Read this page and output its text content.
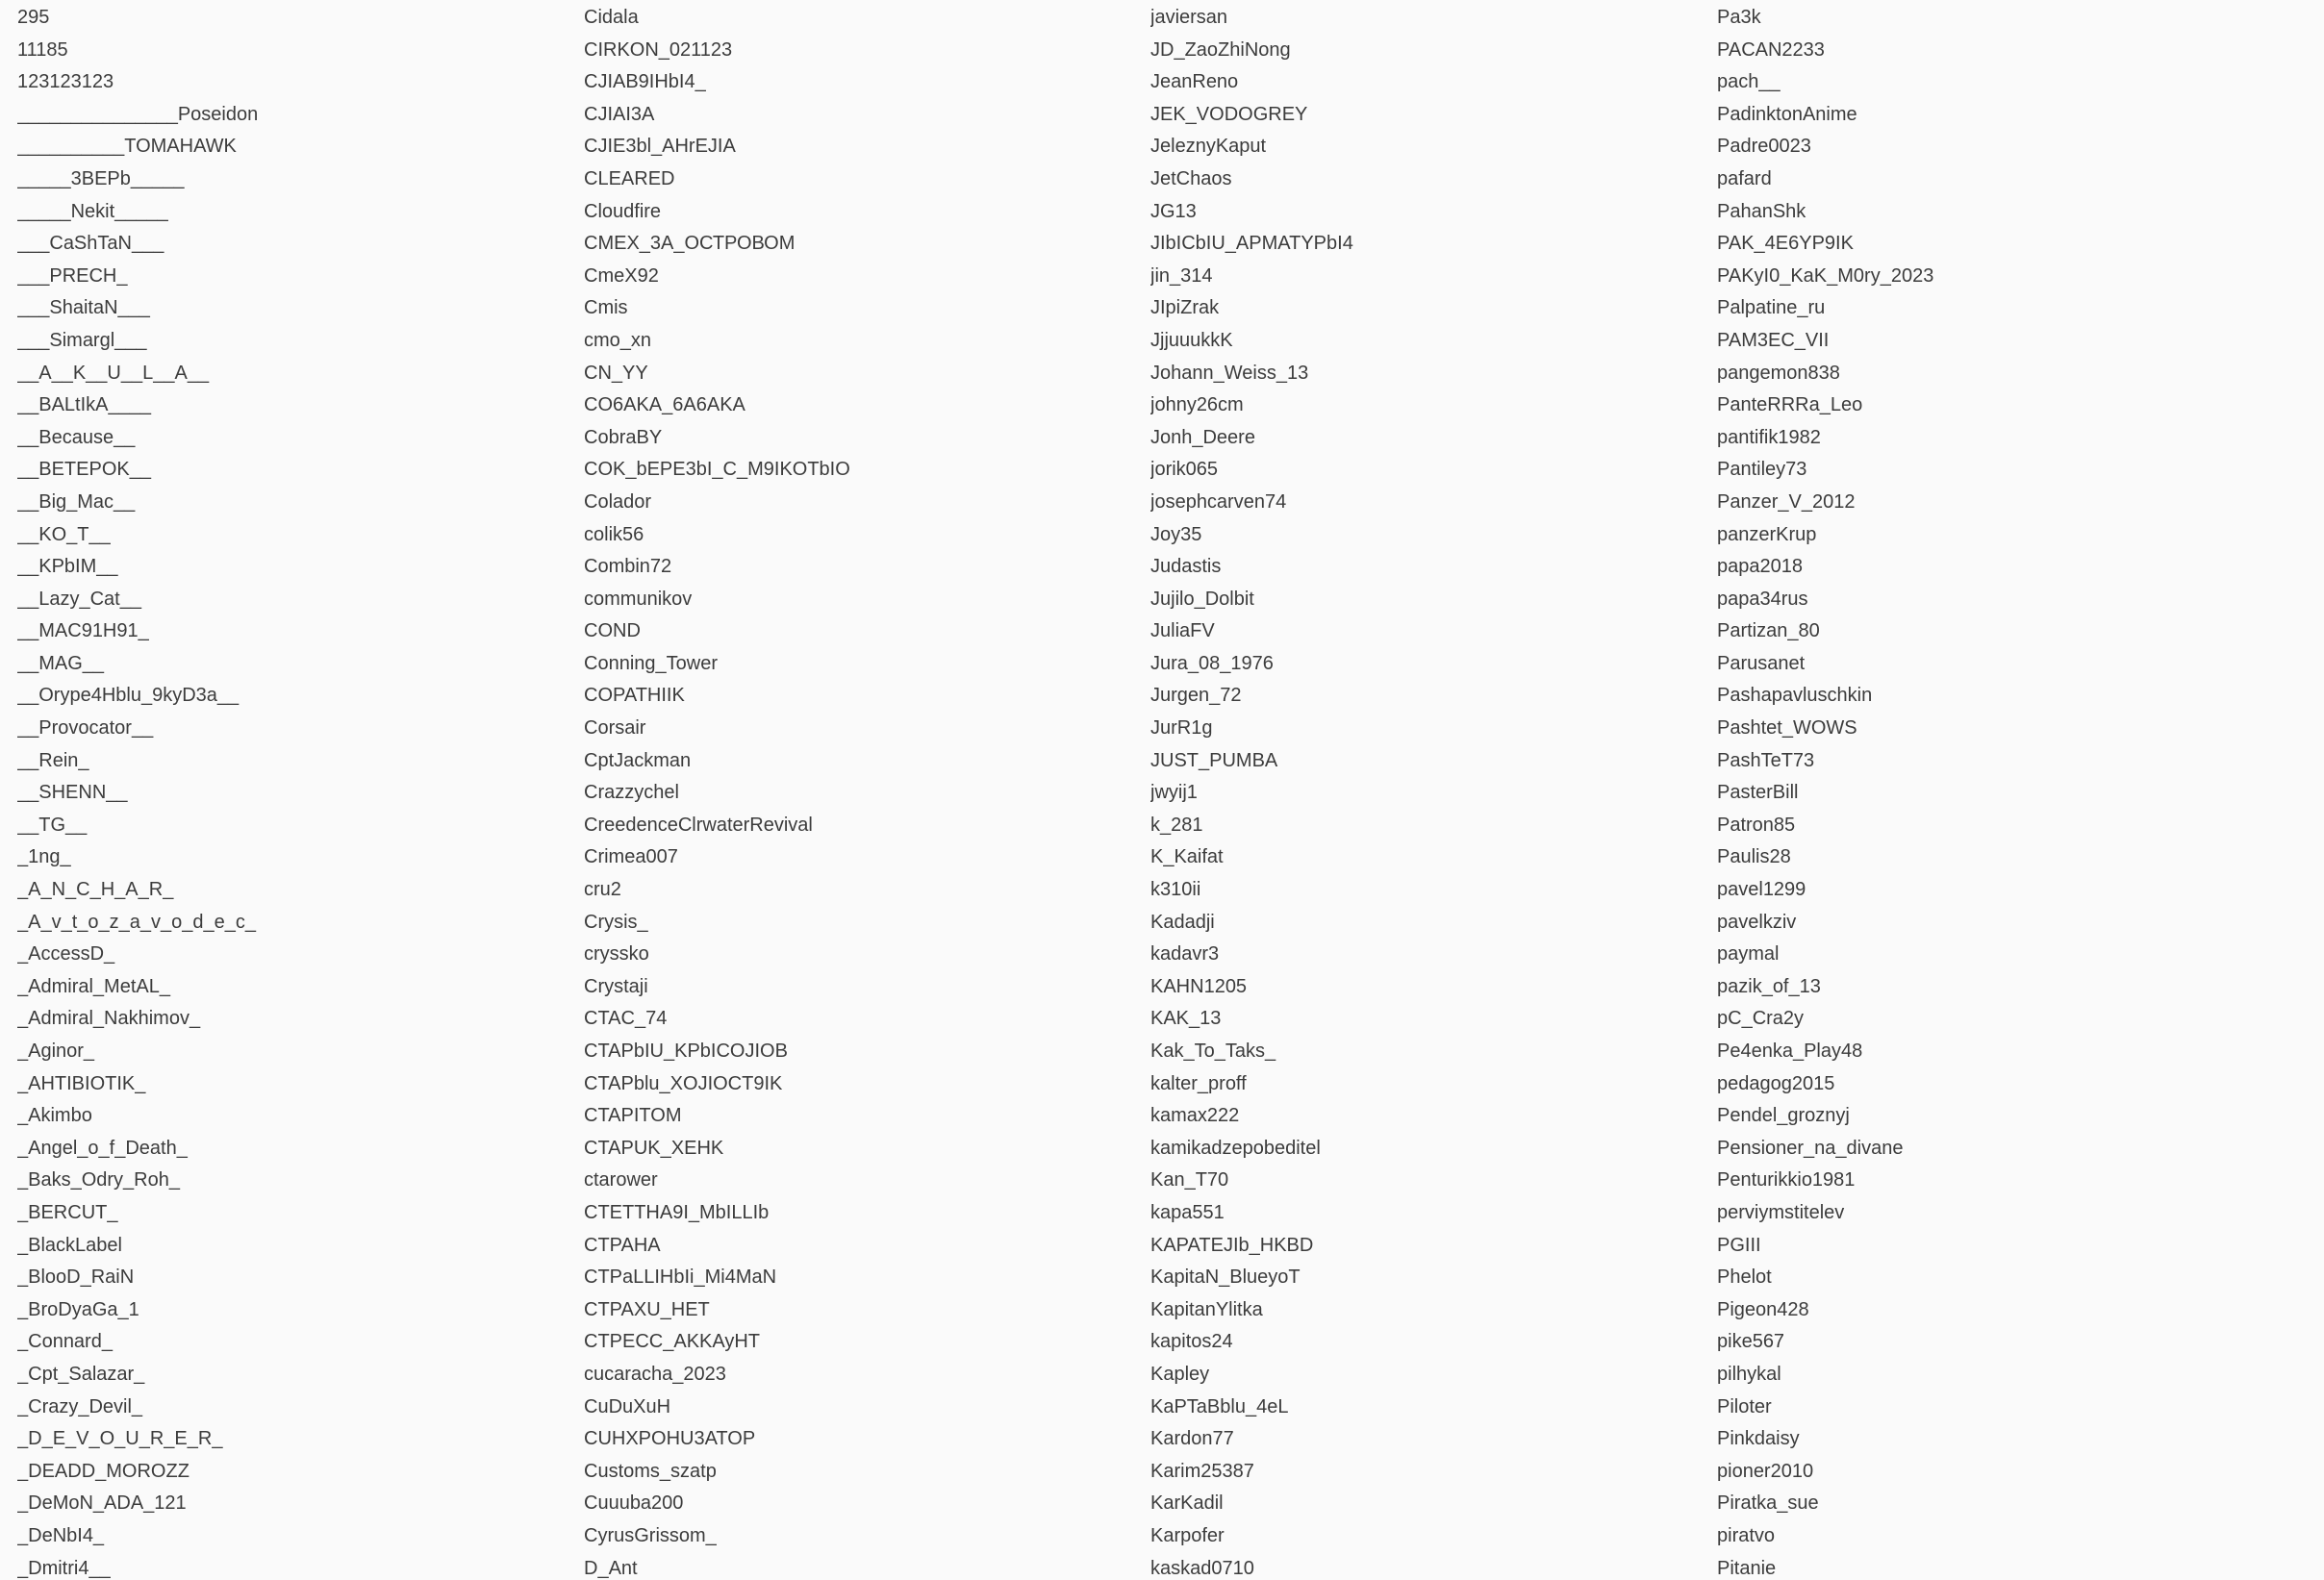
295
11185
123123123
_______________Poseidon
__________TOMAHAWK
_____3BEPb_____
_____Nekit_____
___CaShTaN___
___PRECH_
___ShaitaN___
___Simargl___
__A__K__U__L__A__
__BALtIkA____
__Because__
__BETEPOK__
__Big_Mac__
__KO_T__
__KPbIM__
__Lazy_Cat__
__MAC91H91_
__MAG__
__Orype4Hblu_9kyD3a__
__Provocator__
__Rein_
__SHENN__
__TG__
_1ng_
_A_N_C_H_A_R_
_A_v_t_o_z_a_v_o_d_e_c_
_AccessD_
_Admiral_MetAL_
_Admiral_Nakhimov_
_Aginor_
_AHTIBIOTIK_
_Akimbo
_Angel_o_f_Death_
_Baks_Odry_Roh_
_BERCUT_
_BlackLabel
_BlooD_RaiN
_BroDyaGa_1
_Connard_
_Cpt_Salazar_
_Crazy_Devil_
_D_E_V_O_U_R_E_R_
_DEADD_MOROZZ
_DeMoN_ADA_121
_DeNbI4_
_Dmitri4__
Cidala
CIRKON_021123
CJIAB9IHbI4_
CJIAI3A
CJIE3bl_AHrEJIA
CLEARED
Cloudfire
CMEX_3A_ОСТРОВОМ
CmeX92
Cmis
cmo_xn
CN_YY
CO6AKA_6A6AKA
CobraBY
COK_bEPE3bI_C_M9IKOTbIO
Colador
colik56
Combin72
communikov
COND
Conning_Tower
COPATHIIK
Corsair
CptJackman
Crazzychel
CreedenceClrwaterRevival
Crimea007
cru2
Crysis_
cryssko
Crystaji
CTAC_74
CTAPbIU_KPbICOJIOB
CTAPblu_XOJIOCT9IK
CTAPITOM
CTAPUK_XEHK
ctarower
CTETTHA9I_MbILLIb
CTPAHA
CTPaLLIHbIi_Mi4MaN
CTPAXU_HET
CTPECC_AKKAyHT
cucaracha_2023
CuDuXuH
CUHXPOHU3ATOP
Customs_szatp
Cuuuba200
CyrusGrissom_
D_Ant
javiersan
JD_ZaoZhiNong
JeanReno
JEK_VODOGREY
JeleznyKaput
JetChaos
JG13
JIbICbIU_APMATYPbI4
jin_314
JIpiZrak
JjjuuukkK
Johann_Weiss_13
johny26cm
Jonh_Deere
jorik065
josephcarven74
Joy35
Judastis
Jujilo_Dolbit
JuliaFV
Jura_08_1976
Jurgen_72
JurR1g
JUST_PUMBA
jwyij1
k_281
K_Kaifat
k310ii
Kadadji
kadavr3
KAHN1205
KAK_13
Kak_To_Taks_
kalter_proff
kamax222
kamikadzepobeditel
Kan_T70
kapa551
KAPATEJIb_HKBD
KapitaN_BlueyoT
KapitanYlitka
kapitos24
Kapley
KaPTaBblu_4eL
Kardon77
Karim25387
KarKadil
Karpofer
kaskad0710
Pa3k
PACAN2233
pach__
PadinktonAnime
Padre0023
pafard
PahanShk
PAK_4E6YP9IK
PAKyI0_KaK_M0ry_2023
Palpatine_ru
PAM3EC_VII
pangemon838
PanteRRRa_Leo
pantifik1982
Pantiley73
Panzer_V_2012
panzerKrup
papa2018
papa34rus
Partizan_80
Parusanet
Pashapavluschkin
Pashtet_WOWS
PashTeT73
PasterBill
Patron85
Paulis28
pavel1299
pavelkziv
paymal
pazik_of_13
pC_Cra2y
Pe4enka_Play48
pedagog2015
Pendel_groznyj
Pensioner_na_divane
Penturikkio1981
perviymstitelev
PGIII
Phelot
Pigeon428
pike567
pilhykal
Piloter
Pinkdaisy
pioner2010
Piratka_sue
piratvo
Pitanie
